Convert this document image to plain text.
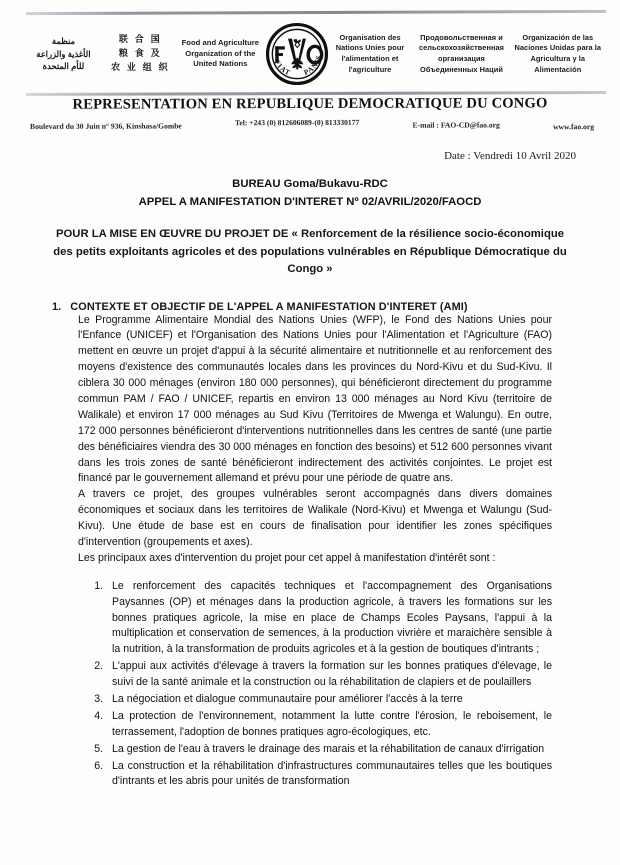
منظمة
الأغذية والزراعة
للأم المتحدة
联 合 国
粮 食 及
农 业 组 织
Food and Agriculture
Organization of the
United Nations	FIAT PANIS
Organisation des
Nations Unies pour
l'alimentation et
l'agriculture
Продовольственная и
сельскохозяйственная
организация
Объединенных Наций
Organización de las
Naciones Unidas para la
Agricultura y la
Alimentación
REPRESENTATION EN REPUBLIQUE DEMOCRATIQUE DU CONGO
Boulevard du 30 Juin n° 936, Kinshasa/Gombe	Tel: +243 (0) 812606089-(0) 813330177	E-mail : FAO-CD@fao.org	www.fao.org
Date : Vendredi 10 Avril 2020
BUREAU Goma/Bukavu-RDC
APPEL A MANIFESTATION D'INTERET Nº 02/AVRIL/2020/FAOCD
POUR LA MISE EN ŒUVRE DU PROJET DE « Renforcement de la résilience socio-économique des petits exploitants agricoles et des populations vulnérables en République Démocratique du Congo »
1. CONTEXTE ET OBJECTIF DE L'APPEL A MANIFESTATION D'INTERET (AMI)

Le Programme Alimentaire Mondial des Nations Unies (WFP), le Fond des Nations Unies pour l'Enfance (UNICEF) et l'Organisation des Nations Unies pour l'Alimentation et l'Agriculture (FAO) mettent en œuvre un projet d'appui à la sécurité alimentaire et nutritionnelle et au renforcement des moyens d'existence des communautés locales dans les provinces du Nord-Kivu et du Sud-Kivu. Il ciblera 30 000 ménages (environ 180 000 personnes), qui bénéficieront directement du programme commun PAM / FAO / UNICEF, repartis en environ 13 000 ménages au Nord Kivu (territoire de Walikale) et environ 17 000 ménages au Sud Kivu (Territoires de Mwenga et Walungu). En outre, 172 000 personnes bénéficieront d'interventions nutritionnelles dans les centres de santé (une partie des bénéficiaires viendra des 30 000 ménages en fonction des besoins) et 512 600 personnes vivant dans les trois zones de santé bénéficieront indirectement des activités conjointes. Le projet est financé par le gouvernement allemand et prévu pour une période de quatre ans.

A travers ce projet, des groupes vulnérables seront accompagnés dans divers domaines économiques et sociaux dans les territoires de Walikale (Nord-Kivu) et Mwenga et Walungu (Sud-Kivu). Une étude de base est en cours de finalisation pour identifier les zones spécifiques d'intervention (groupements et axes).

Les principaux axes d'intervention du projet pour cet appel à manifestation d'intérêt sont :

1. Le renforcement des capacités techniques et l'accompagnement des Organisations Paysannes (OP) et ménages dans la production agricole, à travers les formations sur les bonnes pratiques agricole, la mise en place de Champs Ecoles Paysans, l'appui à la multiplication et conservation de semences, à la production vivrière et maraichère sensible à la nutrition, à la transformation de produits agricoles et à la gestion de boutiques d'intrants ;
2. L'appui aux activités d'élevage à travers la formation sur les bonnes pratiques d'élevage, le suivi de la santé animale et la construction ou la réhabilitation de clapiers et de poulaillers
3. La négociation et dialogue communautaire pour améliorer l'accès à la terre
4. La protection de l'environnement, notamment la lutte contre l'érosion, le reboisement, le terrassement, l'adoption de bonnes pratiques agro-écologiques, etc.
5. La gestion de l'eau à travers le drainage des marais et la réhabilitation de canaux d'irrigation
6. La construction et la réhabilitation d'infrastructures communautaires telles que les boutiques d'intrants et les abris pour unités de transformation
